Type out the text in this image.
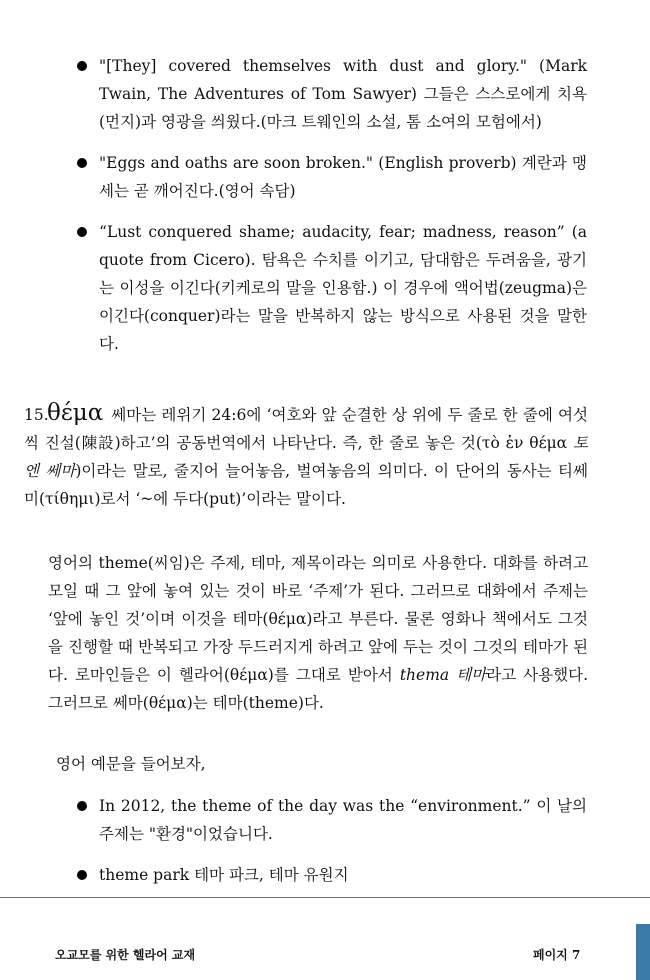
"[They] covered themselves with dust and glory." (Mark Twain, The Adventures of Tom Sawyer) 그들은 스스로에게 치욕(먼지)과 영광을 씌웠다.(마크 트웨인의 소설, 톰 소여의 모험에서)
"Eggs and oaths are soon broken." (English proverb) 계란과 맹세는 곧 깨어진다.(영어 속담)
“Lust conquered shame; audacity, fear; madness, reason” (a quote from Cicero). 탐욕은 수치를 이기고, 담대함은 두려움을, 광기는 이성을 이긴다(키케로의 말을 인용함.) 이 경우에 액어법(zeugma)은 이긴다(conquer)라는 말을 반복하지 않는 방식으로 사용된 것을 말한다.
15.θέμα 쎄마는 레위기 24:6에 ‘여호와 앞 순결한 상 위에 두 줄로 한 줄에 여섯씩 진설(陳設)하고’의 공동번역에서 나타난다. 즉, 한 줄로 놓은 것(τὸ ἐν θέμα 토 엔 쎄마)이라는 말로, 줄지어 늘어놓음, 벌여놓음의 의미다. 이 단어의 동사는 티쎄미(τίθημι)로서 ‘~에 두다(put)’이라는 말이다.
영어의 theme(씨임)은 주제, 테마, 제목이라는 의미로 사용한다. 대화를 하려고 모일 때 그 앞에 놓여 있는 것이 바로 ‘주제’가 된다. 그러므로 대화에서 주제는 ‘앞에 놓인 것’이며 이것을 테마(θέμα)라고 부른다. 물론 영화나 책에서도 그것을 진행할 때 반복되고 가장 두드러지게 하려고 앞에 두는 것이 그것의 테마가 된다. 로마인들은 이 헬라어(θέμα)를 그대로 받아서 thema 테마라고 사용했다. 그러므로 쎄마(θέμα)는 테마(theme)다.
영어 예문을 들어보자,
In 2012, the theme of the day was the “environment.” 이 날의 주제는 "환경"이었습니다.
theme park 테마 파크, 테마 유원지
오교모를 위한 헬라어 교재	페이지 7
